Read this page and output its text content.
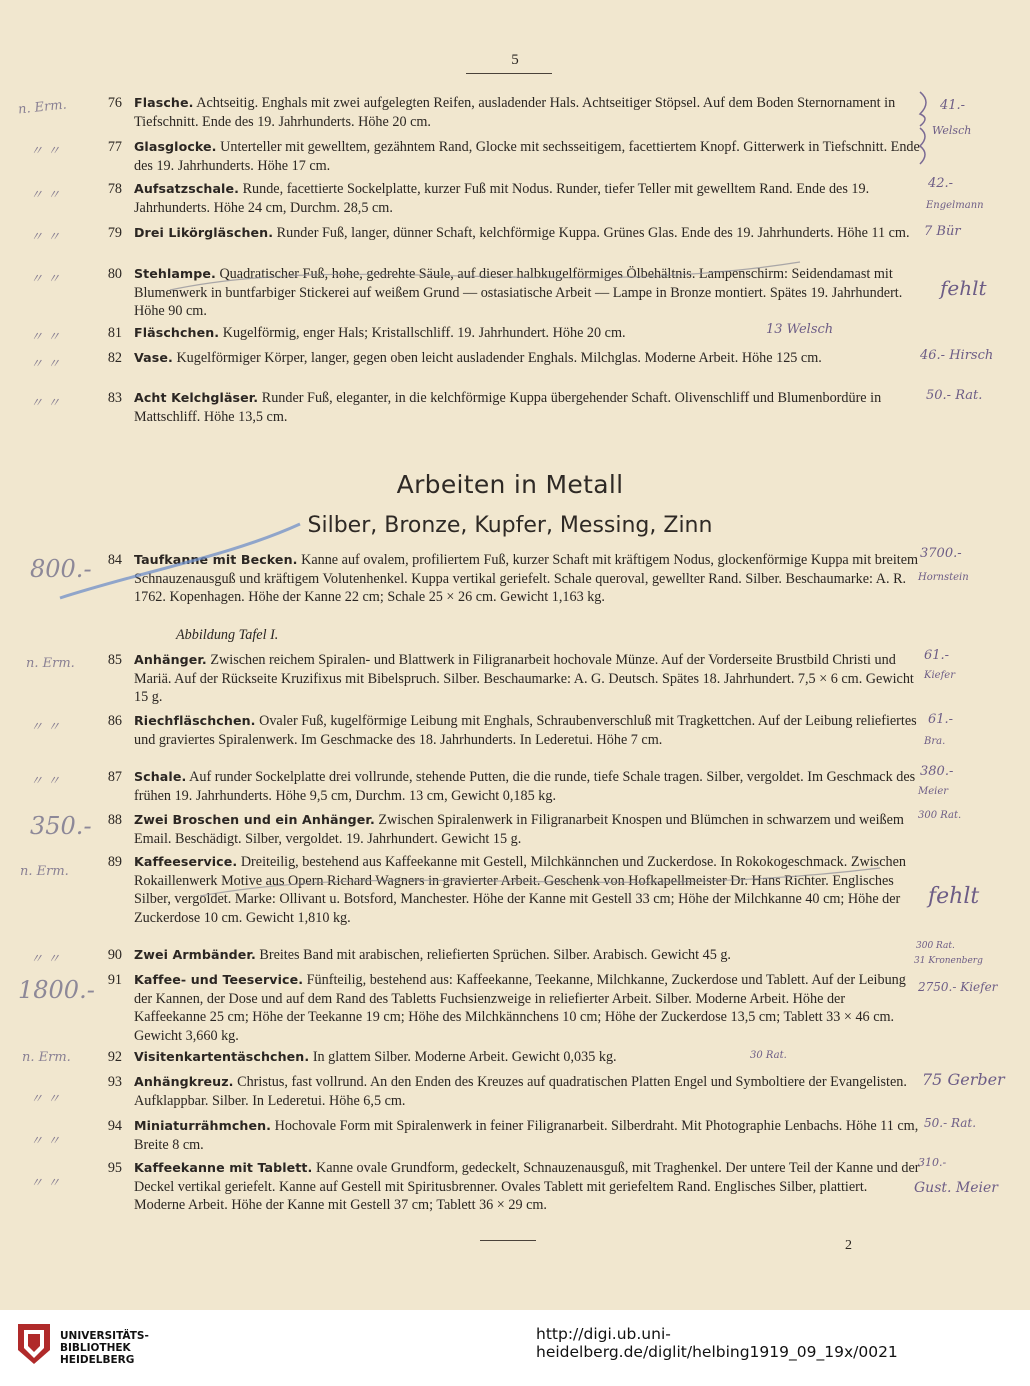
5
76 Flasche. Achtseitig. Enghals mit zwei aufgelegten Reifen, ausladender Hals. Achtseitiger Stöpsel. Auf dem Boden Sternornament in Tiefschnitt. Ende des 19. Jahrhunderts. Höhe 20 cm.
77 Glasglocke. Unterteller mit gewelltem, gezähntem Rand, Glocke mit sechsseitigem, facettiertem Knopf. Gitterwerk in Tiefschnitt. Ende des 19. Jahrhunderts. Höhe 17 cm.
78 Aufsatzschale. Runde, facettierte Sockelplatte, kurzer Fuß mit Nodus. Runder, tiefer Teller mit gewelltem Rand. Ende des 19. Jahrhunderts. Höhe 24 cm, Durchm. 28,5 cm.
79 Drei Likörgläschen. Runder Fuß, langer, dünner Schaft, kelchförmige Kuppa. Grünes Glas. Ende des 19. Jahrhunderts. Höhe 11 cm.
80 Stehlampe. Quadratischer Fuß, hohe, gedrehte Säule, auf dieser halbkugelförmiges Ölbehältnis. Lampenschirm: Seidendamast mit Blumenwerk in buntfarbiger Stickerei auf weißem Grund — ostasiatische Arbeit — Lampe in Bronze montiert. Spätes 19. Jahrhundert. Höhe 90 cm.
81 Fläschchen. Kugelförmig, enger Hals; Kristallschliff. 19. Jahrhundert. Höhe 20 cm.
82 Vase. Kugelförmiger Körper, langer, gegen oben leicht ausladender Enghals. Milchglas. Moderne Arbeit. Höhe 125 cm.
83 Acht Kelchgläser. Runder Fuß, eleganter, in die kelchförmige Kuppa übergehender Schaft. Olivenschliff und Blumenbordüre in Mattschliff. Höhe 13,5 cm.
Arbeiten in Metall
Silber, Bronze, Kupfer, Messing, Zinn
84 Taufkanne mit Becken. Kanne auf ovalem, profiliertem Fuß, kurzer Schaft mit kräftigem Nodus, glockenförmige Kuppa mit breitem Schnauzenausguß und kräftigem Volutenhenkel. Kuppa vertikal geriefelt. Schale queroval, gewellter Rand. Silber. Beschaumarke: A. R. 1762. Kopenhagen. Höhe der Kanne 22 cm; Schale 25 × 26 cm. Gewicht 1,163 kg.
Abbildung Tafel I.
85 Anhänger. Zwischen reichem Spiralen- und Blattwerk in Filigranarbeit hochovale Münze. Auf der Vorderseite Brustbild Christi und Mariä. Auf der Rückseite Kruzifixus mit Bibelspruch. Silber. Beschaumarke: A. G. Deutsch. Spätes 18. Jahrhundert. 7,5 × 6 cm. Gewicht 15 g.
86 Riechfläschchen. Ovaler Fuß, kugelförmige Leibung mit Enghals, Schraubenverschluß mit Tragkettchen. Auf der Leibung reliefiertes und graviertes Spiralenwerk. Im Geschmacke des 18. Jahrhunderts. In Lederetui. Höhe 7 cm.
87 Schale. Auf runder Sockelplatte drei vollrunde, stehende Putten, die die runde, tiefe Schale tragen. Silber, vergoldet. Im Geschmack des frühen 19. Jahrhunderts. Höhe 9,5 cm, Durchm. 13 cm, Gewicht 0,185 kg.
88 Zwei Broschen und ein Anhänger. Zwischen Spiralenwerk in Filigranarbeit Knospen und Blümchen in schwarzem und weißem Email. Beschädigt. Silber, vergoldet. 19. Jahrhundert. Gewicht 15 g.
89 Kaffeeservice. Dreiteilig, bestehend aus Kaffeekanne mit Gestell, Milchkännchen und Zuckerdose. In Rokokogeschmack. Zwischen Rokaillenwerk Motive aus Opern Richard Wagners in gravierter Arbeit. Geschenk von Hofkapellmeister Dr. Hans Richter. Englisches Silber, vergoldet. Marke: Ollivant u. Botsford, Manchester. Höhe der Kanne mit Gestell 33 cm; Höhe der Milchkanne 40 cm; Höhe der Zuckerdose 10 cm. Gewicht 1,810 kg.
90 Zwei Armbänder. Breites Band mit arabischen, reliefierten Sprüchen. Silber. Arabisch. Gewicht 45 g.
91 Kaffee- und Teeservice. Fünfteilig, bestehend aus: Kaffeekanne, Teekanne, Milchkanne, Zuckerdose und Tablett. Auf der Leibung der Kannen, der Dose und auf dem Rand des Tabletts Fuchsienzweige in reliefierter Arbeit. Silber. Moderne Arbeit. Höhe der Kaffeekanne 25 cm; Höhe der Teekanne 19 cm; Höhe des Milchkännchens 10 cm; Höhe der Zuckerdose 13,5 cm; Tablett 33 × 46 cm. Gewicht 3,660 kg.
92 Visitenkartentäschchen. In glattem Silber. Moderne Arbeit. Gewicht 0,035 kg.
93 Anhängkreuz. Christus, fast vollrund. An den Enden des Kreuzes auf quadratischen Platten Engel und Symboltiere der Evangelisten. Aufklappbar. Silber. In Lederetui. Höhe 6,5 cm.
94 Miniaturrähmchen. Hochovale Form mit Spiralenwerk in feiner Filigranarbeit. Silberdraht. Mit Photographie Lenbachs. Höhe 11 cm, Breite 8 cm.
95 Kaffeekanne mit Tablett. Kanne ovale Grundform, gedeckelt, Schnauzenausguß, mit Traghenkel. Der untere Teil der Kanne und der Deckel vertikal geriefelt. Kanne auf Gestell mit Spiritusbrenner. Ovales Tablett mit geriefeltem Rand. Englisches Silber, plattiert. Moderne Arbeit. Höhe der Kanne mit Gestell 37 cm; Tablett 36 × 29 cm.
2
n. Erm.
〃 〃
〃 〃
〃 〃
〃 〃
〃 〃
〃 〃
〃 〃
800.-
n. Erm.
〃 〃
〃 〃
350.-
n. Erm.
〃 〃
1800.-
n. Erm.
〃 〃
〃 〃
〃 〃
41.-
Welsch
42.-
Engelmann
7 Bür
fehlt
13 Welsch
46.- Hirsch
50.- Rat.
3700.-
Hornstein
61.-
Kiefer
61.-
Bra.
380.-
Meier
300 Rat.
fehlt
300 Rat.
31 Kronenberg
2750.- Kiefer
30 Rat.
75 Gerber
50.- Rat.
310.-
Gust. Meier
UNIVERSITÄTS-
BIBLIOTHEK
HEIDELBERG
http://digi.ub.uni-heidelberg.de/diglit/helbing1919_09_19x/0021
